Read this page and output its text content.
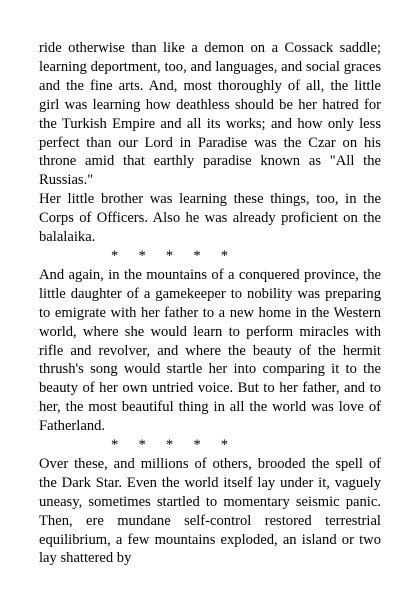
ride otherwise than like a demon on a Cossack saddle; learning deportment, too, and languages, and social graces and the fine arts. And, most thoroughly of all, the little girl was learning how deathless should be her hatred for the Turkish Empire and all its works; and how only less perfect than our Lord in Paradise was the Czar on his throne amid that earthly paradise known as "All the Russias."

Her little brother was learning these things, too, in the Corps of Officers. Also he was already proficient on the balalaika.

* * * * *

And again, in the mountains of a conquered province, the little daughter of a gamekeeper to nobility was preparing to emigrate with her father to a new home in the Western world, where she would learn to perform miracles with rifle and revolver, and where the beauty of the hermit thrush's song would startle her into comparing it to the beauty of her own untried voice. But to her father, and to her, the most beautiful thing in all the world was love of Fatherland.

* * * * *

Over these, and millions of others, brooded the spell of the Dark Star. Even the world itself lay under it, vaguely uneasy, sometimes startled to momentary seismic panic. Then, ere mundane self-control restored terrestrial equilibrium, a few mountains exploded, an island or two lay shattered by
